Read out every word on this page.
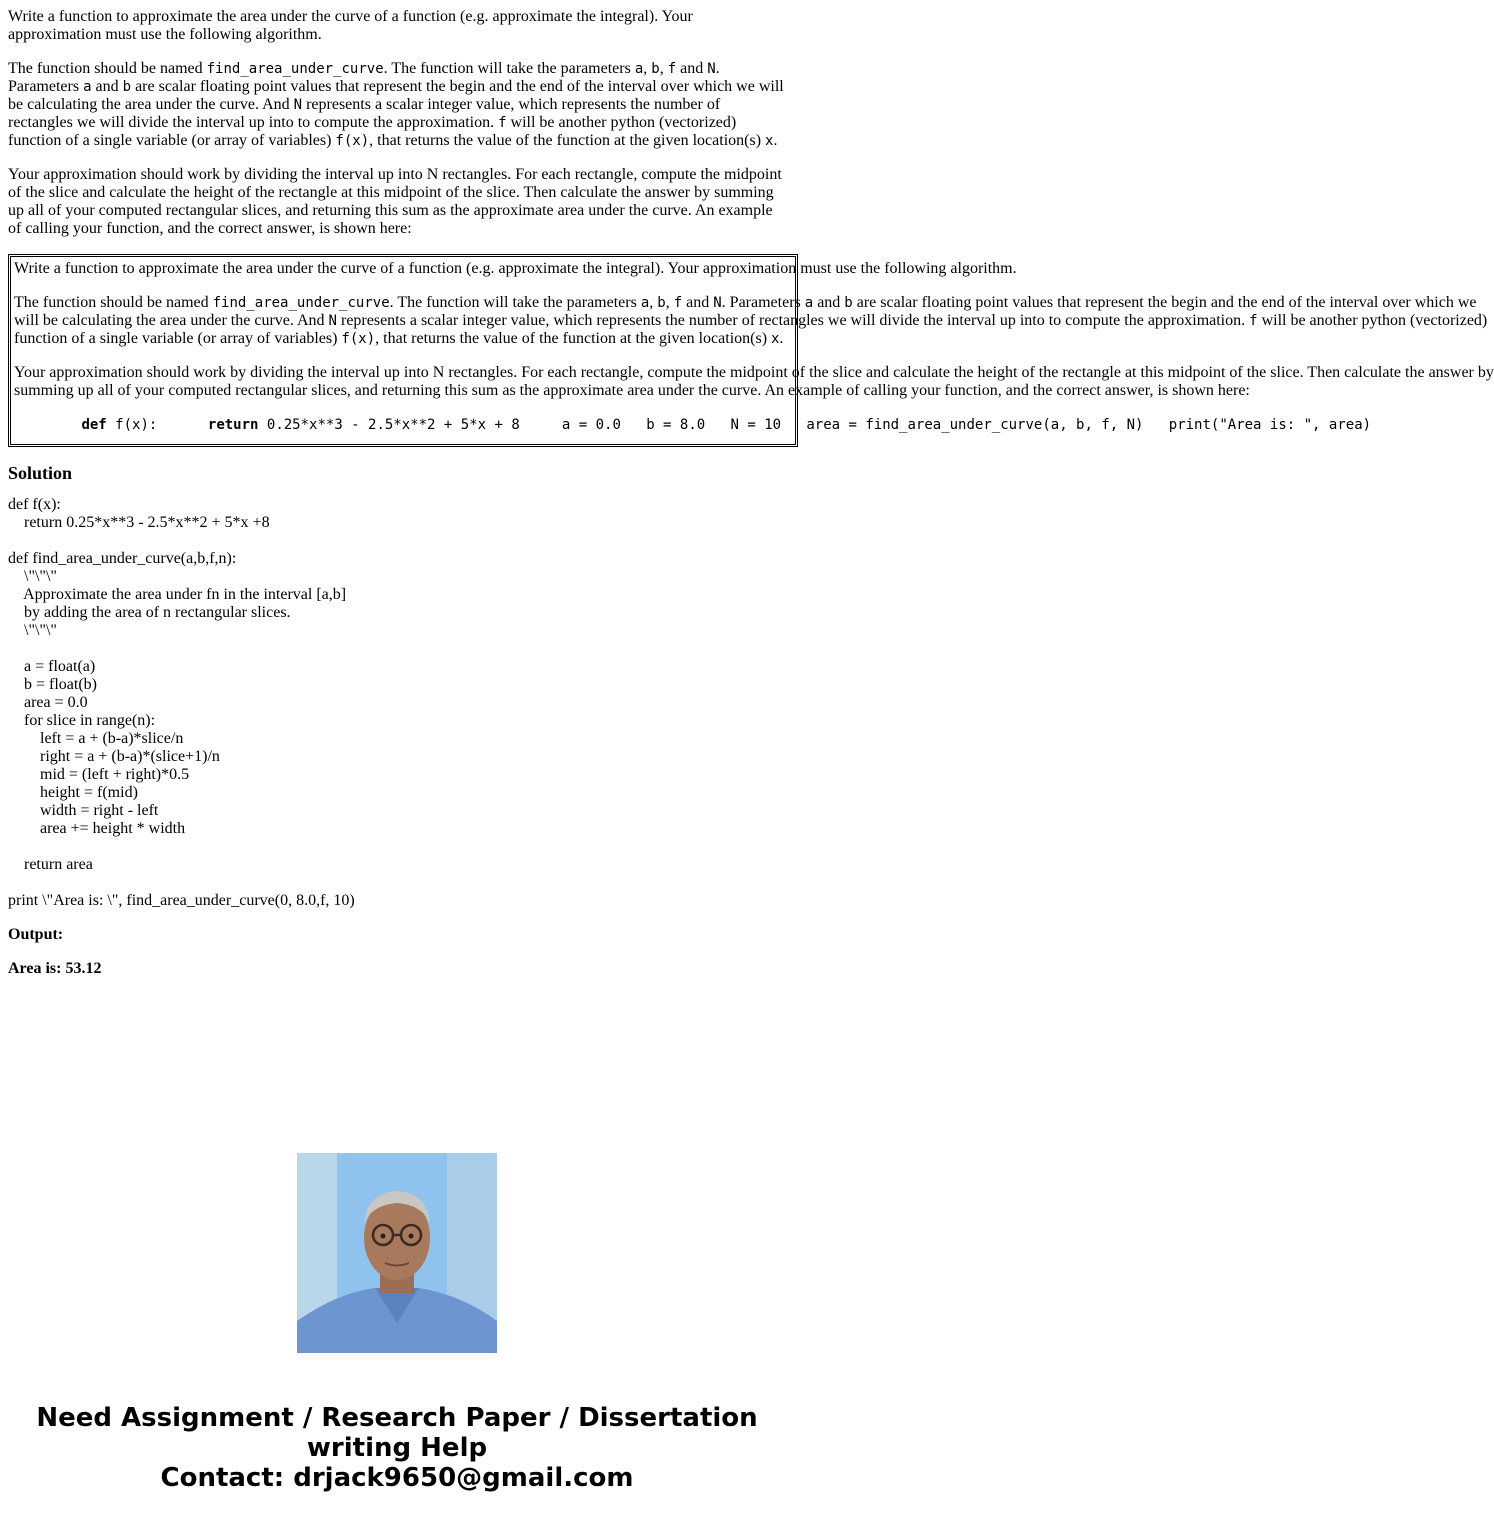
Write a function to approximate the area under the curve of a function (e.g. approximate the integral). Your approximation must use the following algorithm.

The function should be named find_area_under_curve. The function will take the parameters a, b, f and N. Parameters a and b are scalar floating point values that represent the begin and the end of the interval over which we will be calculating the area under the curve. And N represents a scalar integer value, which represents the number of rectangles we will divide the interval up into to compute the approximation. f will be another python (vectorized) function of a single variable (or array of variables) f(x), that returns the value of the function at the given location(s) x.

Your approximation should work by dividing the interval up into N rectangles. For each rectangle, compute the midpoint of the slice and calculate the height of the rectangle at this midpoint of the slice. Then calculate the answer by summing up all of your computed rectangular slices, and returning this sum as the approximate area under the curve. An example of calling your function, and the correct answer, is shown here:

Write a function to approximate the area under the curve of a function (e.g. approximate the integral). Your approximation must use the following algorithm.

The function should be named find_area_under_curve. The function will take the parameters a, b, f and N. Parameters a and b are scalar floating point values that represent the begin and the end of the interval over which we
will be calculating the area under the curve. And N represents a scalar integer value, which represents the number of rectangles we will divide the interval up into to compute the approximation. f will be another python (vectorized)

function of a single variable (or array of variables) f(x), that returns the value of the function at the given location(s) x.

Your approximation should work by dividing the interval up into N rectangles. For each rectangle, compute the midpoint of the slice and calculate the height of the rectangle at this midpoint of the slice. Then calculate the answer by

summing up all of your computed rectangular slices, and returning this sum as the approximate area under the curve. An example of calling your function, and the correct answer, is shown here:

def f(x):      return 0.25*x**3 - 2.5*x**2 + 5*x + 8     a = 0.0   b = 8.0   N = 10   area = find_area_under_curve(a, b, f, N)   print("Area is: ", area)
Solution
def f(x):
return 0.25*x**3 - 2.5*x**2 + 5*x +8
def find_area_under_curve(a,b,f,n):
\"\"\"
Approximate the area under fn in the interval [a,b]
by adding the area of n rectangular slices.
\"\"\"
a = float(a)
b = float(b)
area = 0.0
for slice in range(n):
left = a + (b-a)*slice/n
right = a + (b-a)*(slice+1)/n
mid = (left + right)*0.5
height = f(mid)
width = right - left
area += height * width
return area
print \"Area is: \", find_area_under_curve(0, 8.0,f, 10)
Output:
Area is: 53.12
Need Assignment / Research Paper / Dissertation
writing Help
Contact: drjack9650@gmail.com
